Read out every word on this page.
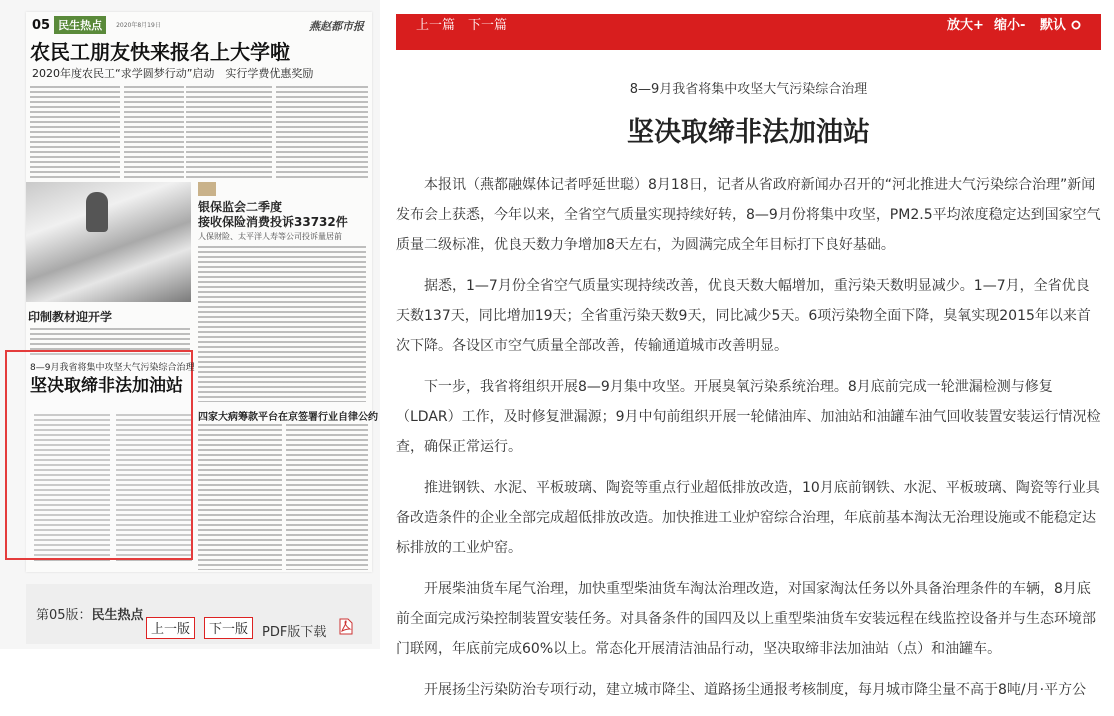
05 民生热点	2020年8月19日	燕赵都市报
农民工朋友快来报名上大学啦
2020年度农民工“求学圆梦行动”启动　实行学费优惠奖励
银保监会二季度
接收保险消费投诉33732件
人保财险、太平洋人寿等公司投诉量居前
印制教材迎开学
四家大病筹款平台在京签署行业自律公约
8—9月我省将集中攻坚大气污染综合治理
坚决取缔非法加油站
第05版：民生热点
上一版	下一版	PDF版下载
上一篇 下一篇	放大+ 缩小- 默认
8—9月我省将集中攻坚大气污染综合治理
坚决取缔非法加油站

本报讯（燕都融媒体记者呼延世聪）8月18日，记者从省政府新闻办召开的“河北推进大气污染综合治理”新闻发布会上获悉，今年以来，全省空气质量实现持续好转，8—9月份将集中攻坚，PM2.5平均浓度稳定达到国家空气质量二级标准，优良天数力争增加8天左右，为圆满完成全年目标打下良好基础。

据悉，1—7月份全省空气质量实现持续改善，优良天数大幅增加，重污染天数明显减少。1—7月，全省优良天数137天，同比增加19天；全省重污染天数9天，同比减少5天。6项污染物全面下降，臭氧实现2015年以来首次下降。各设区市空气质量全部改善，传输通道城市改善明显。

下一步，我省将组织开展8—9月集中攻坚。开展臭氧污染系统治理。8月底前完成一轮泄漏检测与修复（LDAR）工作，及时修复泄漏源；9月中旬前组织开展一轮储油库、加油站和油罐车油气回收装置安装运行情况检查，确保正常运行。

推进钢铁、水泥、平板玻璃、陶瓷等重点行业超低排放改造，10月底前钢铁、水泥、平板玻璃、陶瓷等行业具备改造条件的企业全部完成超低排放改造。加快推进工业炉窑综合治理，年底前基本淘汰无治理设施或不能稳定达标排放的工业炉窑。

开展柴油货车尾气治理，加快重型柴油货车淘汰治理改造，对国家淘汰任务以外具备治理条件的车辆，8月底前全面完成污染控制装置安装任务。对具备条件的国四及以上重型柴油货车安装远程在线监控设备并与生态环境部门联网，年底前完成60%以上。常态化开展清洁油品行动，坚决取缔非法加油站（点）和油罐车。

开展扬尘污染防治专项行动，建立城市降尘、道路扬尘通报考核制度，每月城市降尘量不高于8吨/月·平方公
